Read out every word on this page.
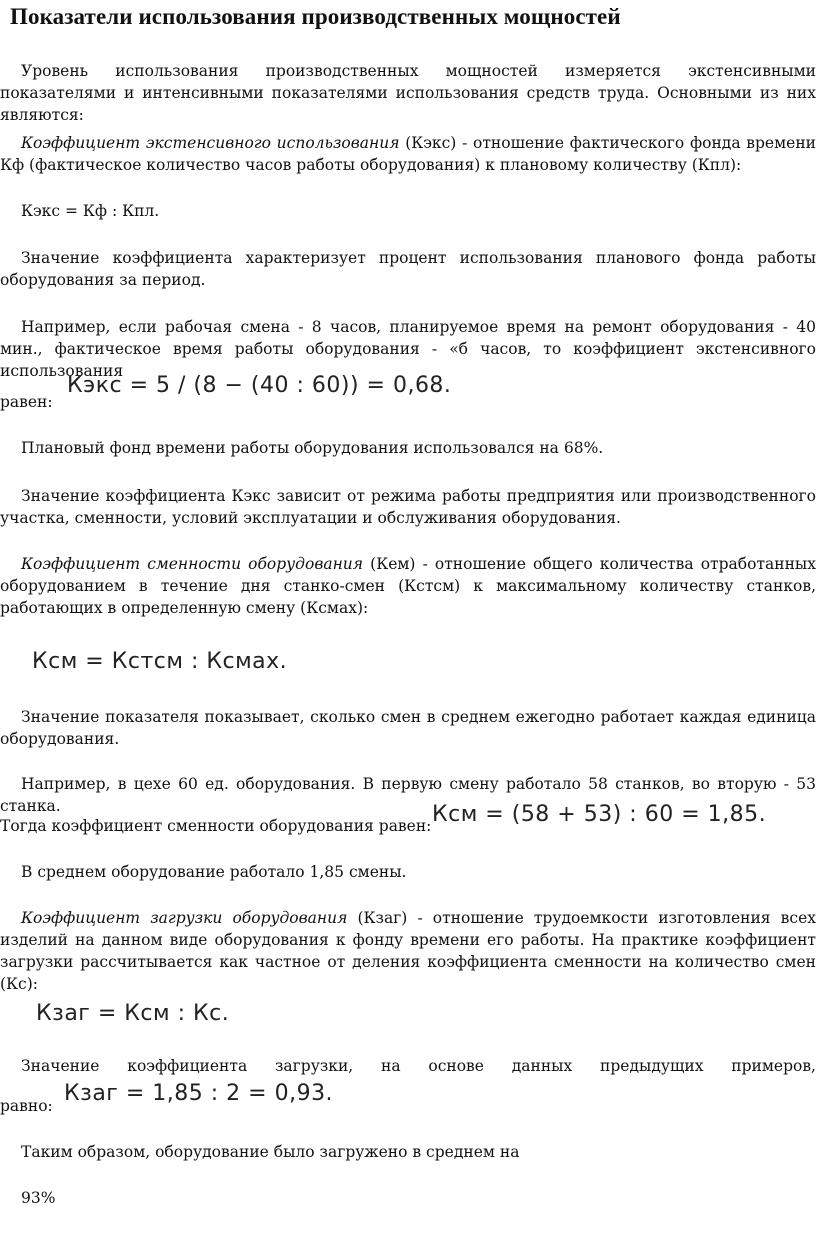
Показатели использования производственных мощностей

Уровень использования производственных мощностей измеряется экстенсивными показателями и интенсивными показателями использования средств труда. Основными из них являются:

Коэффициент экстенсивного использования (Кэкс) - отношение фактического фонда времени Кф (фактическое количество часов работы оборудования) к плановому количеству (Кпл):

Кэкс = Кф : Кпл.

Значение коэффициента характеризует процент использования планового фонда работы оборудования за период.

Например, если рабочая смена - 8 часов, планируемое время на ремонт оборудования - 40 мин., фактическое время работы оборудования - «б часов, то коэффициент экстенсивного использования

равен:
Кэкс = 5 / (8 − (40 : 60)) = 0,68.

Плановый фонд времени работы оборудования использовался на 68%.

Значение коэффициента Кэкс зависит от режима работы предприятия или производственного участка, сменности, условий эксплуатации и обслуживания оборудования.

Коэффициент сменности оборудования (Кем) - отношение общего количества отработанных оборудованием в течение дня станко-смен (Кстсм) к максимальному количеству станков, работающих в определенную смену (Ксмах):

Ксм = Кстсм : Ксмах.

Значение показателя показывает, сколько смен в среднем ежегодно работает каждая единица оборудования.

Например, в цехе 60 ед. оборудования. В первую смену работало 58 станков, во вторую - 53 станка.

Тогда коэффициент сменности оборудования равен: Ксм = (58 + 53) : 60 = 1,85.

В среднем оборудование работало 1,85 смены.

Коэффициент загрузки оборудования (Кзаг) - отношение трудоемкости изготовления всех изделий на данном виде оборудования к фонду времени его работы. На практике коэффициент загрузки рассчитывается как частное от деления коэффициента сменности на количество смен (Кс):

Кзаг = Ксм : Кс.

Значение коэффициента загрузки, на основе данных предыдущих примеров,

равно: Кзаг = 1,85 : 2 = 0,93.
Таким образом, оборудование было загружено в среднем на
93%
